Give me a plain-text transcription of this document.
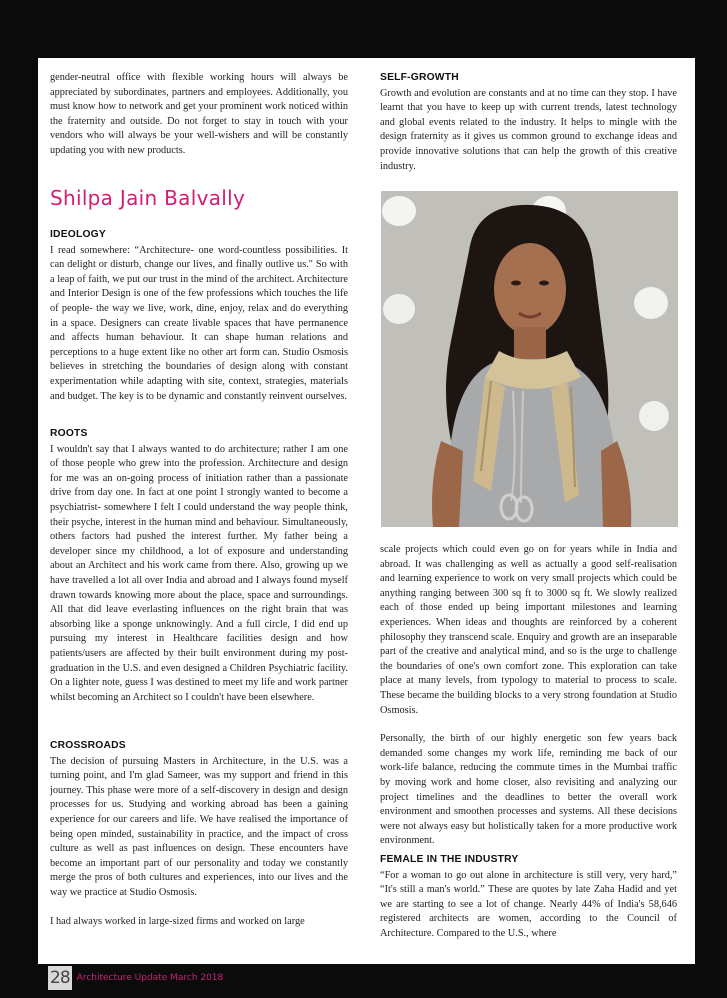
gender-neutral office with flexible working hours will always be appreciated by subordinates, partners and employees. Additionally, you must know how to network and get your prominent work noticed within the fraternity and outside. Do not forget to stay in touch with your vendors who will always be your well-wishers and will be constantly updating you with new products.

Shilpa Jain Balvally
IDEOLOGY

I read somewhere: “Architecture- one word-countless possibilities. It can delight or disturb, change our lives, and finally outlive us." So with a leap of faith, we put our trust in the mind of the architect. Architecture and Interior Design is one of the few professions which touches the life of people- the way we live, work, dine, enjoy, relax and do everything in a space. Designers can create livable spaces that have permanence and affects human behaviour. It can shape human relations and perceptions to a huge extent like no other art form can. Studio Osmosis believes in stretching the boundaries of design along with constant experimentation while adapting with site, context, strategies, materials and budget. The key is to be dynamic and constantly reinvent ourselves.

ROOTS

I wouldn't say that I always wanted to do architecture; rather I am one of those people who grew into the profession. Architecture and design for me was an on-going process of initiation rather than a passionate drive from day one. In fact at one point I strongly wanted to become a psychiatrist- somewhere I felt I could understand the way people think, their psyche, interest in the human mind and behaviour. Simultaneously, others factors had pushed the interest further. My father being a developer since my childhood, a lot of exposure and understanding about an Architect and his work came from there. Also, growing up we have travelled a lot all over India and abroad and I always found myself drawn towards knowing more about the place, space and surroundings. All that did leave everlasting influences on the right brain that was absorbing like a sponge unknowingly. And a full circle, I did end up pursuing my interest in Healthcare facilities design and how patients/users are affected by their built environment during my post-graduation in the U.S. and even designed a Children Psychiatric facility. On a lighter note, guess I was destined to meet my life and work partner whilst becoming an Architect so I couldn't have been elsewhere.

CROSSROADS

The decision of pursuing Masters in Architecture, in the U.S. was a turning point, and I'm glad Sameer, was my support and friend in this journey. This phase were more of a self-discovery in design and design processes for us. Studying and working abroad has been a gaining experience for our careers and life. We have realised the importance of being open minded, sustainability in practice, and the impact of cross culture as well as past influences on design. These encounters have become an important part of our personality and today we constantly merge the pros of both cultures and experiences, into our lives and the way we practice at Studio Osmosis.

I had always worked in large-sized firms and worked on large

SELF-GROWTH

Growth and evolution are constants and at no time can they stop. I have learnt that you have to keep up with current trends, latest technology and global events related to the industry. It helps to mingle with the design fraternity as it gives us common ground to exchange ideas and provide innovative solutions that can help the growth of this creative industry.

scale projects which could even go on for years while in India and abroad. It was challenging as well as actually a good self-realisation and learning experience to work on very small projects which could be anything ranging between 300 sq ft to 3000 sq ft. We slowly realized each of those ended up being important milestones and learning experiences. When ideas and thoughts are reinforced by a coherent philosophy they transcend scale. Enquiry and growth are an inseparable part of the creative and analytical mind, and so is the urge to challenge the boundaries of one's own comfort zone. This exploration can take place at many levels, from typology to material to process to scale. These became the building blocks to a very strong foundation at Studio Osmosis.

Personally, the birth of our highly energetic son few years back demanded some changes my work life, reminding me back of our work-life balance, reducing the commute times in the Mumbai traffic by moving work and home closer, also revisiting and analyzing our project timelines and the deadlines to better the overall work environment and smoothen processes and systems. All these decisions were not always easy but holistically taken for a more productive work environment.

FEMALE IN THE INDUSTRY

“For a woman to go out alone in architecture is still very, very hard,” “It's still a man's world.” These are quotes by late Zaha Hadid and yet we are starting to see a lot of change. Nearly 44% of India's 58,646 registered architects are women, according to the Council of Architecture. Compared to the U.S., where

28 Architecture Update March 2018
